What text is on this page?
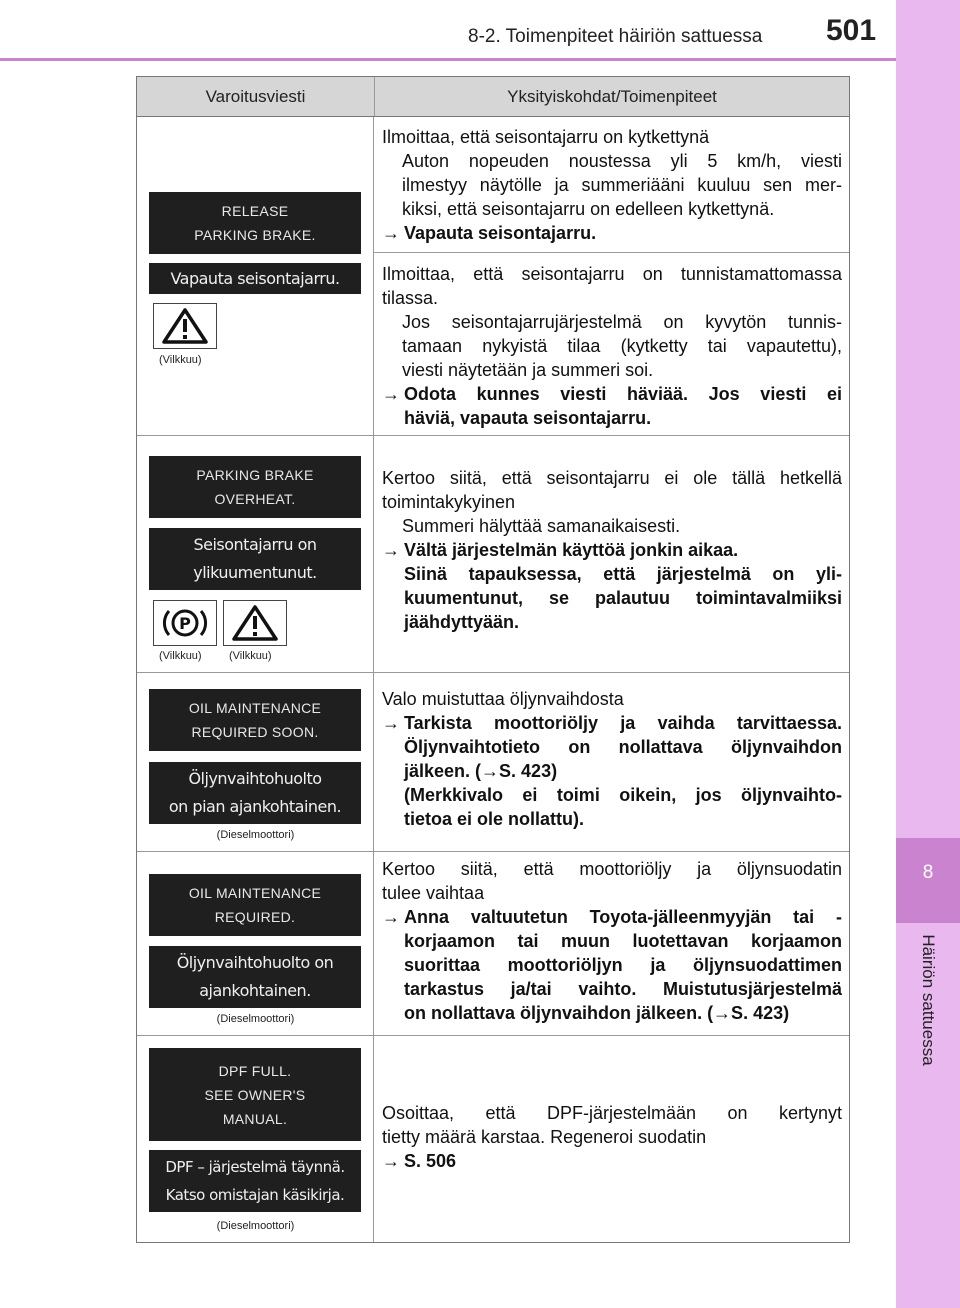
8-2. Toimenpiteet häiriön sattuessa 501
8
Häiriön sattuessa
Varoitusviesti	Yksityiskohdat/Toimenpiteet
RELEASE
PARKING BRAKE.
Vapauta seisontajarru.
(Vilkkuu)

Ilmoittaa, että seisontajarru on kytkettynä

Auton nopeuden noustessa yli 5 km/h, viesti

ilmestyy näytölle ja summeriääni kuuluu sen mer-

kiksi, että seisontajarru on edelleen kytkettynä.

→ Vapauta seisontajarru.

Ilmoittaa, että seisontajarru on tunnistamattomassa

tilassa.

Jos seisontajarrujärjestelmä on kyvytön tunnis-

tamaan nykyistä tilaa (kytketty tai vapautettu),

viesti näytetään ja summeri soi.

→ Odota kunnes viesti häviää. Jos viesti ei

häviä, vapauta seisontajarru.

PARKING BRAKE
OVERHEAT.
Seisontajarru on
ylikuumentunut.
P
(Vilkkuu) (Vilkkuu)

Kertoo siitä, että seisontajarru ei ole tällä hetkellä

toimintakykyinen

Summeri hälyttää samanaikaisesti.

→ Vältä järjestelmän käyttöä jonkin aikaa.

Siinä tapauksessa, että järjestelmä on yli-

kuumentunut, se palautuu toimintavalmiiksi

jäähdyttyään.

OIL MAINTENANCE
REQUIRED SOON.
Öljynvaihtohuolto
on pian ajankohtainen.
(Dieselmoottori)

Valo muistuttaa öljynvaihdosta

→ Tarkista moottoriöljy ja vaihda tarvittaessa.

Öljynvaihtotieto on nollattava öljynvaihdon

jälkeen. (→S. 423)

(Merkkivalo ei toimi oikein, jos öljynvaihto-

tietoa ei ole nollattu).

OIL MAINTENANCE
REQUIRED.
Öljynvaihtohuolto on
ajankohtainen.
(Dieselmoottori)

Kertoo siitä, että moottoriöljy ja öljynsuodatin

tulee vaihtaa

→ Anna valtuutetun Toyota-jälleenmyyjän tai -

korjaamon tai muun luotettavan korjaamon

suorittaa moottoriöljyn ja öljynsuodattimen

tarkastus ja/tai vaihto. Muistutusjärjestelmä

on nollattava öljynvaihdon jälkeen. (→S. 423)

DPF FULL.
SEE OWNER'S
MANUAL.
DPF – järjestelmä täynnä.
Katso omistajan käsikirja.
(Dieselmoottori)

Osoittaa, että DPF-järjestelmään on kertynyt

tietty määrä karstaa. Regeneroi suodatin

→ S. 506
